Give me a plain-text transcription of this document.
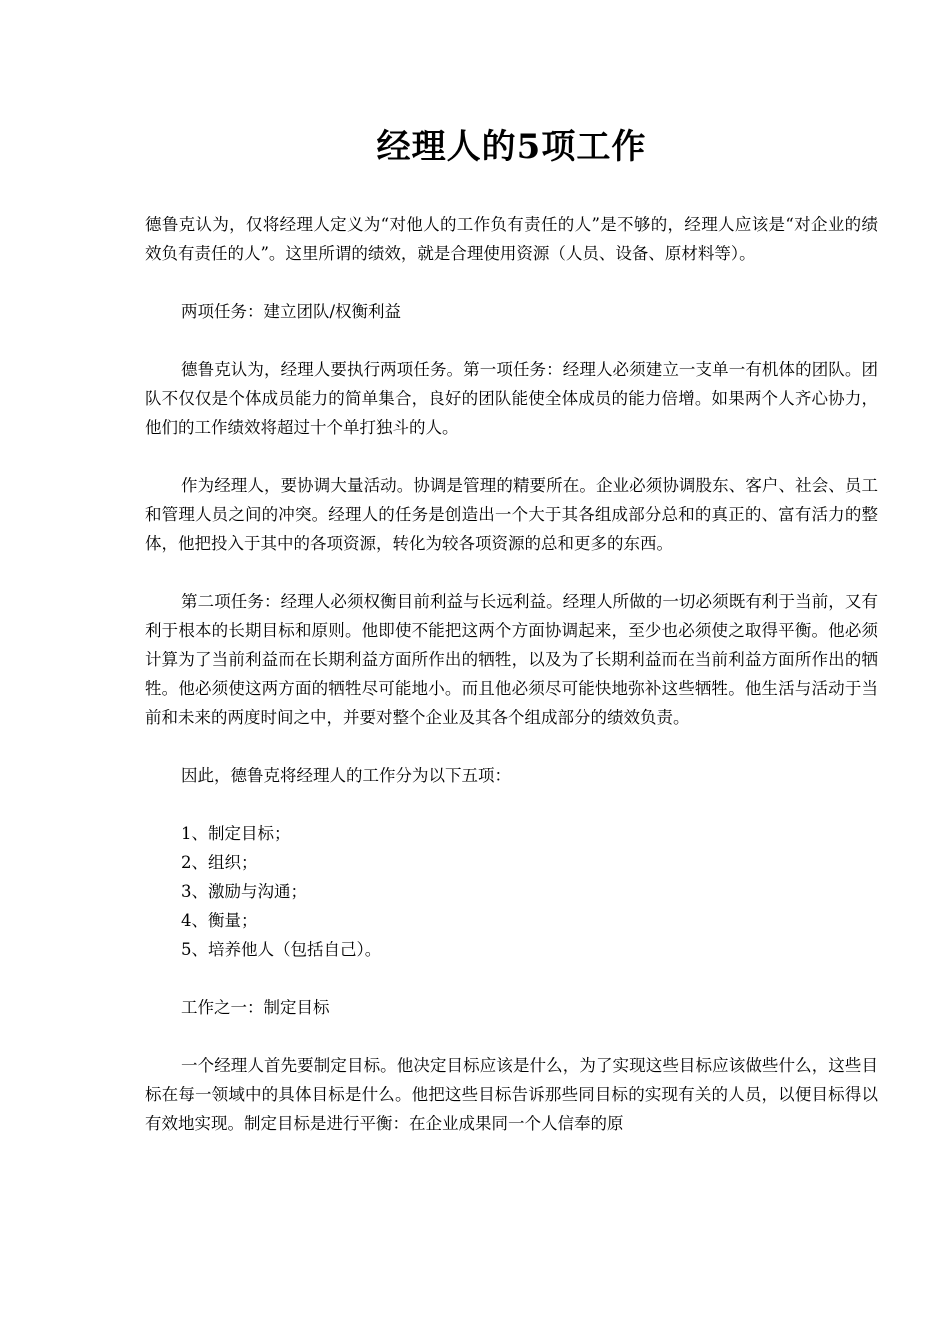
经理人的5项工作

德鲁克认为，仅将经理人定义为“对他人的工作负有责任的人”是不够的，经理人应该是“对企业的绩效负有责任的人”。这里所谓的绩效，就是合理使用资源（人员、设备、原材料等）。

两项任务：建立团队/权衡利益

德鲁克认为，经理人要执行两项任务。第一项任务：经理人必须建立一支单一有机体的团队。团队不仅仅是个体成员能力的简单集合，良好的团队能使全体成员的能力倍增。如果两个人齐心协力，他们的工作绩效将超过十个单打独斗的人。

作为经理人，要协调大量活动。协调是管理的精要所在。企业必须协调股东、客户、社会、员工和管理人员之间的冲突。经理人的任务是创造出一个大于其各组成部分总和的真正的、富有活力的整体，他把投入于其中的各项资源，转化为较各项资源的总和更多的东西。

第二项任务：经理人必须权衡目前利益与长远利益。经理人所做的一切必须既有利于当前，又有利于根本的长期目标和原则。他即使不能把这两个方面协调起来，至少也必须使之取得平衡。他必须计算为了当前利益而在长期利益方面所作出的牺牲，以及为了长期利益而在当前利益方面所作出的牺牲。他必须使这两方面的牺牲尽可能地小。而且他必须尽可能快地弥补这些牺牲。他生活与活动于当前和未来的两度时间之中，并要对整个企业及其各个组成部分的绩效负责。

因此，德鲁克将经理人的工作分为以下五项：

1、制定目标；
2、组织；
3、激励与沟通；
4、衡量；
5、培养他人（包括自己）。

工作之一：制定目标

一个经理人首先要制定目标。他决定目标应该是什么，为了实现这些目标应该做些什么，这些目标在每一领域中的具体目标是什么。他把这些目标告诉那些同目标的实现有关的人员，以便目标得以有效地实现。制定目标是进行平衡：在企业成果同一个人信奉的原
